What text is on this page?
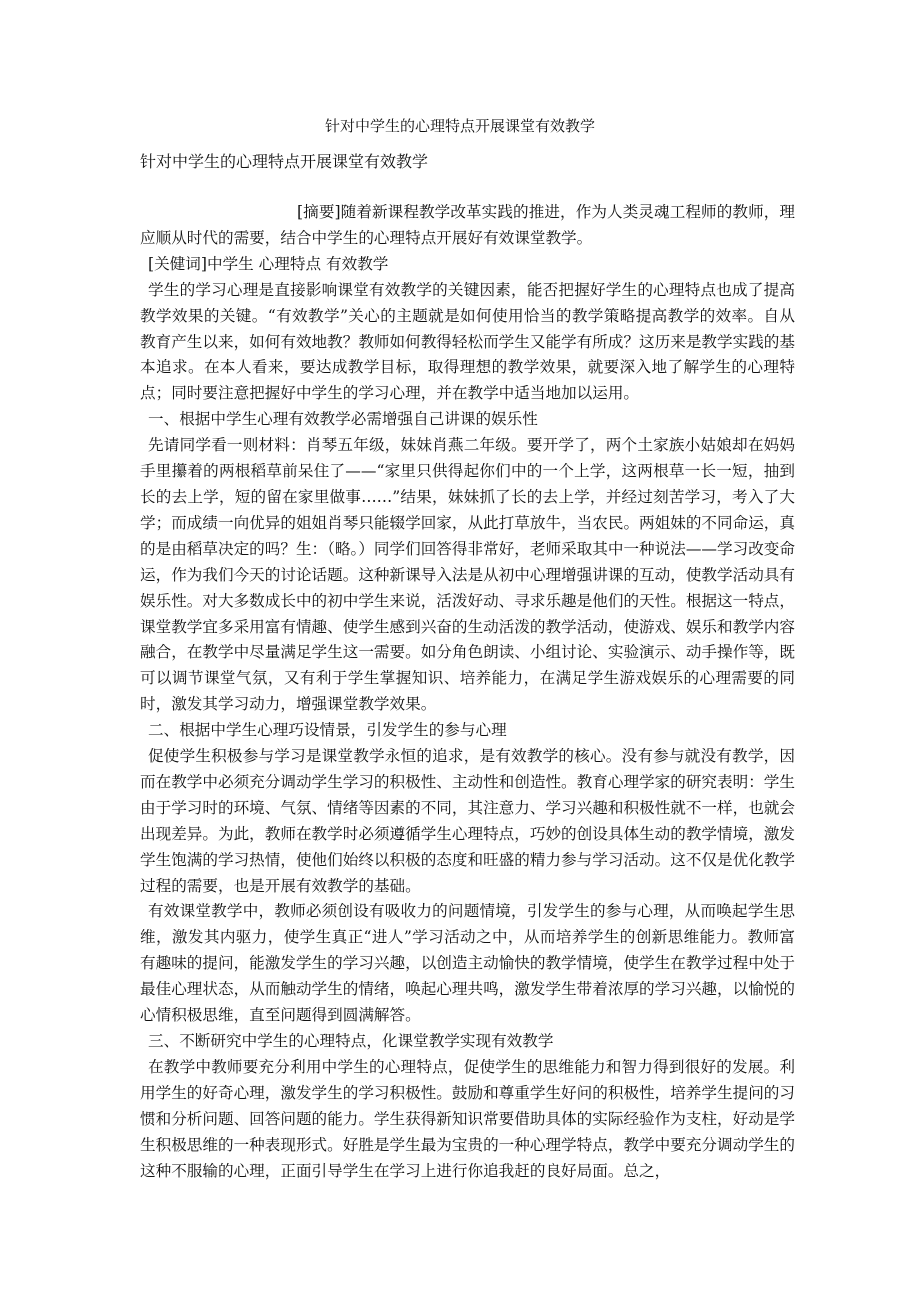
针对中学生的心理特点开展课堂有效教学
针对中学生的心理特点开展课堂有效教学

[摘要]随着新课程教学改革实践的推进，作为人类灵魂工程师的教师，理应顺从时代的需要，结合中学生的心理特点开展好有效课堂教学。

[关健词]中学生 心理特点 有效教学

学生的学习心理是直接影响课堂有效教学的关键因素，能否把握好学生的心理特点也成了提高教学效果的关键。“有效教学”关心的主题就是如何使用恰当的教学策略提高教学的效率。自从教育产生以来，如何有效地教？教师如何教得轻松而学生又能学有所成？这历来是教学实践的基本追求。在本人看来，要达成教学目标，取得理想的教学效果，就要深入地了解学生的心理特点；同时要注意把握好中学生的学习心理，并在教学中适当地加以运用。

一、根据中学生心理有效教学必需增强自己讲课的娱乐性

先请同学看一则材料：肖琴五年级，妹妹肖燕二年级。要开学了，两个土家族小姑娘却在妈妈手里攥着的两根稻草前呆住了——“家里只供得起你们中的一个上学，这两根草一长一短，抽到长的去上学，短的留在家里做事……”结果，妹妹抓了长的去上学，并经过刻苦学习，考入了大学；而成绩一向优异的姐姐肖琴只能辍学回家，从此打草放牛，当农民。两姐妹的不同命运，真的是由稻草决定的吗？生：（略。）同学们回答得非常好，老师采取其中一种说法——学习改变命运，作为我们今天的讨论话题。这种新课导入法是从初中心理增强讲课的互动，使教学活动具有娱乐性。对大多数成长中的初中学生来说，活泼好动、寻求乐趣是他们的天性。根据这一特点，课堂教学宜多采用富有情趣、使学生感到兴奋的生动活泼的教学活动，使游戏、娱乐和教学内容融合，在教学中尽量满足学生这一需要。如分角色朗读、小组讨论、实验演示、动手操作等，既可以调节课堂气氛，又有利于学生掌握知识、培养能力，在满足学生游戏娱乐的心理需要的同时，激发其学习动力，增强课堂教学效果。

二、根据中学生心理巧设情景，引发学生的参与心理

促使学生积极参与学习是课堂教学永恒的追求，是有效教学的核心。没有参与就没有教学，因而在教学中必须充分调动学生学习的积极性、主动性和创造性。教育心理学家的研究表明：学生由于学习时的环境、气氛、情绪等因素的不同，其注意力、学习兴趣和积极性就不一样，也就会出现差异。为此，教师在教学时必须遵循学生心理特点，巧妙的创设具体生动的教学情境，激发学生饱满的学习热情，使他们始终以积极的态度和旺盛的精力参与学习活动。这不仅是优化教学过程的需要，也是开展有效教学的基础。

有效课堂教学中，教师必须创设有吸收力的问题情境，引发学生的参与心理，从而唤起学生思维，激发其内驱力，使学生真正“进人”学习活动之中，从而培养学生的创新思维能力。教师富有趣味的提问，能激发学生的学习兴趣，以创造主动愉快的教学情境，使学生在教学过程中处于最佳心理状态，从而触动学生的情绪，唤起心理共鸣，激发学生带着浓厚的学习兴趣，以愉悦的心情积极思维，直至问题得到圆满解答。

三、不断研究中学生的心理特点，化课堂教学实现有效教学

在教学中教师要充分利用中学生的心理特点，促使学生的思维能力和智力得到很好的发展。利用学生的好奇心理，激发学生的学习积极性。鼓励和尊重学生好问的积极性，培养学生提问的习惯和分析问题、回答问题的能力。学生获得新知识常要借助具体的实际经验作为支柱，好动是学生积极思维的一种表现形式。好胜是学生最为宝贵的一种心理学特点，教学中要充分调动学生的这种不服输的心理，正面引导学生在学习上进行你追我赶的良好局面。总之，
